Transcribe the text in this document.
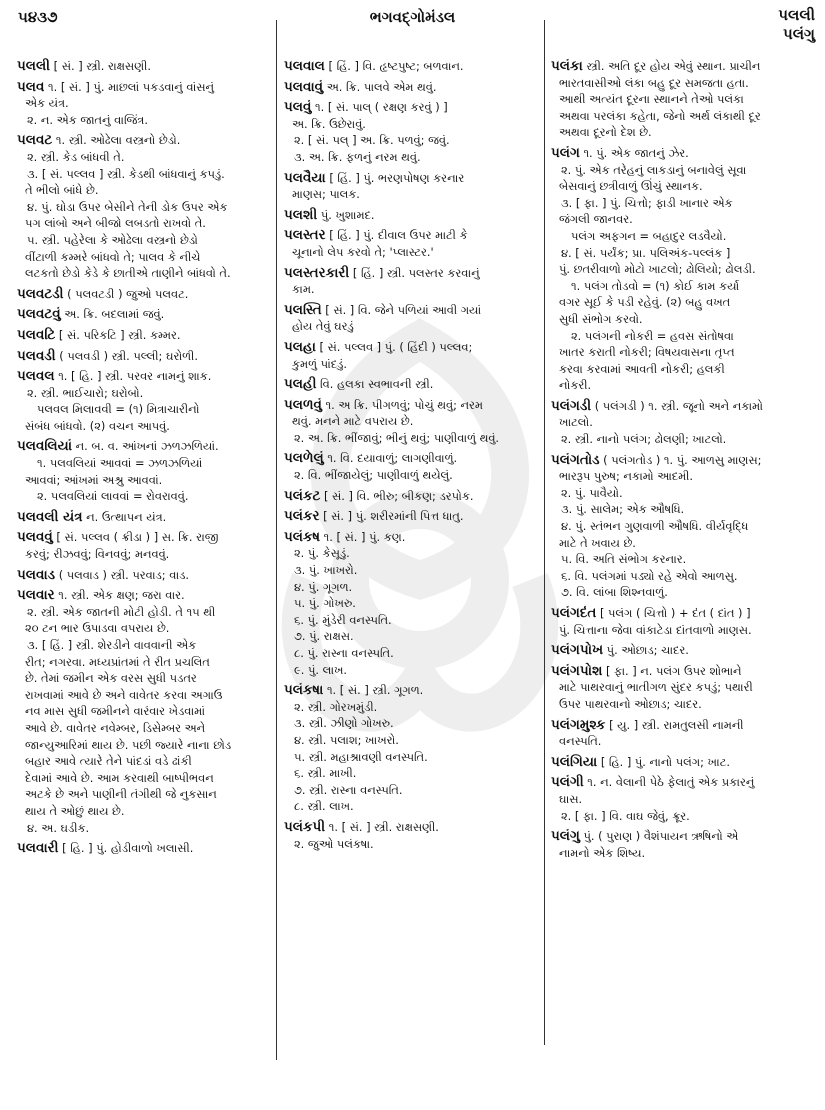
૫૪૩૭	ભગવદ્ગોમંડલ	પલલી
પલંગુ
પલલી [ સં. ] સ્ત્રી. રાક્ષસણી.
પલવ ૧. [ સં. ] પું. માછલાં પકડવાનું વાંસનું
એક યંત્ર.
૨. ન. એક જાતનું વાજિંત્ર.
પલવટ ૧. સ્ત્રી. ઓઢેલા વસ્ત્રનો છેડો.
૨. સ્ત્રી. કેડ બાંધવી તે.
૩. [ સં. પલ્લવ ] સ્ત્રી. કેડથી બાંધવાનું કપડું.
તે ભીલો બાંધે છે.
૪. પું. ઘોડા ઉપર બેસીને તેની ડોક ઉપર એક
પગ લાંબો અને બીજો લબડતો રાખવો તે.
૫. સ્ત્રી. પહેરેલા કે ઓઢેલા વસ્ત્રનો છેડો
વીંટાળી કમ્મરે બાંધવો તે; પાલવ કે નીચે
લટકતો છેડો કેડે કે છાતીએ તાણીને બાંધવો તે.
પલવટડી ( પલવટડી ) જુઓ પલવટ.
પલવટવું અ. ક્રિ. બદલામાં જવું.
પલવટિ [ સં. પરિકટિ ] સ્ત્રી. કમ્મર.
પલવડી ( પલવડી ) સ્ત્રી. પલ્લી; ઘરોળી.
પલવલ ૧. [ હિ. ] સ્ત્રી. પરવર નામનું શાક.
૨. સ્ત્રી. ભાઈચારો; ઘરોબો.
પલવલ મિલાવવી = (૧) મિત્રાચારીનો
સંબંધ બાંધવો. (૨) વચન આપવું.
પલવલિયાં ન. બ. વ. આંખનાં ઝળઝળિયાં.
૧. પલવલિયાં આવવાં = ઝળઝળિયાં
આવવાં; આંખમાં અશ્રુ આવવાં.
૨. પલવલિયાં લાવવાં = રોવરાવવું.
પલવલી યંત્ર ન. ઉત્થાપન યંત્ર.
પલવવું [ સં. પલ્લવ ( ક્રીડા ) ] સ. ક્રિ. રાજી
કરવું; રીઝવવું; વિનવવું; મનવવું.
પલવાડ ( પલવાડ ) સ્ત્રી. પરવાડ; વાડ.
પલવાર ૧. સ્ત્રી. એક ક્ષણ; જરા વાર.
૨. સ્ત્રી. એક જાતની મોટી હોડી. તે ૧૫ થી
૨૦ ટન ભાર ઉપાડવા વપરાય છે.
૩. [ હિં. ] સ્ત્રી. શેરડીને વાવવાની એક
રીત; નગરવા. મધ્યપ્રાંતમાં તે રીત પ્રચલિત
છે. તેમાં જમીન એક વરસ સુધી પડતર
રાખવામાં આવે છે અને વાવેતર કરવા અગાઉ
નવ માસ સુધી જમીનને વારંવાર ખેડવામાં
આવે છે. વાવેતર નવેમ્બર, ડિસેમ્બર અને
જાન્યુઆરિમાં થાય છે. પછી જ્યારે નાના છોડ
બહાર આવે ત્યારે તેને પાંદડાં વડે ઢાંકી
દેવામાં આવે છે. આમ કરવાથી બાષ્પીભવન
અટકે છે અને પાણીની તંગીથી જે નુકસાન
થાય તે ઓછું થાય છે.
૪. અ. ઘડીક.
પલવારી [ હિ. ] પું. હોડીવાળો ખલાસી.
પલવાલ [ હિં. ] વિ. હૃષ્ટપુષ્ટ; બળવાન.
પલવાવું અ. ક્રિ. પાલવે એમ થવું.
પલવું ૧. [ સં. પાલ્ ( રક્ષણ કરવું ) ]
અ. ક્રિ. ઉછેરાવું.
૨. [ સં. પલ્ ] અ. ક્રિ. પળવું; જવું.
૩. અ. ક્રિ. ફળનું નરમ થવું.
પલવૈયા [ હિં. ] પું. ભરણપોષણ કરનાર
માણસ; પાલક.
પલશી પું. ખુશામદ.
પલસ્તર [ હિં. ] પું. દીવાલ ઉપર માટી કે
ચૂનાનો લેપ કરવો તે; 'પ્લાસ્ટર.'
પલસ્તરકારી [ હિં. ] સ્ત્રી. પલસ્તર કરવાનું
કામ.
પલસ્તિ [ સં. ] વિ. જેને પળિયાં આવી ગયાં
હોય તેવું ઘરડું
પલહા [ સં. પલ્લવ ] પું. ( હિંદી ) પલ્લવ;
કુમળું પાંદડું.
પલહી વિ. હલકા સ્વભાવની સ્ત્રી.
પલળવું ૧. અ ક્રિ. પીગળવું; પોચું થવું; નરમ
થવું. મનને માટે વપરાય છે.
૨. અ. ક્રિ. ભીંજાવું; ભીનું થવું; પાણીવાળું થવું.
પલળેલું ૧. વિ. દયાવાળું; લાગણીવાળું.
૨. વિ. ભીંજાયેલું; પાણીવાળું થયેલું.
પલંકટ [ સં. ] વિ. ભીરુ; બીકણ; ડરપોક.
પલંકર [ સં. ] પું. શરીરમાંની પિત્ત ધાતુ.
પલંકષ ૧. [ સં. ] પું. કણ.
૨. પું. કેસૂડું.
૩. પું. ખાખરો.
૪. પું. ગૂગળ.
૫. પું. ગોખરુ.
૬. પું. મુંડેરી વનસ્પતિ.
૭. પું. રાક્ષસ.
૮. પું. રાસ્ના વનસ્પતિ.
૯. પું. લાખ.
પલંકષા ૧. [ સં. ] સ્ત્રી. ગૂગળ.
૨. સ્ત્રી. ગોરખમુંડી.
૩. સ્ત્રી. ઝીણો ગોખરુ.
૪. સ્ત્રી. પલાશ; ખાખરો.
૫. સ્ત્રી. મહાશ્રાવણી વનસ્પતિ.
૬. સ્ત્રી. માખી.
૭. સ્ત્રી. રાસ્ના વનસ્પતિ.
૮. સ્ત્રી. લાખ.
પલંકપી ૧. [ સં. ] સ્ત્રી. રાક્ષસણી.
૨. જુઓ પલંકષા.
પલંકા સ્ત્રી. અતિ દૂર હોય એવું સ્થાન. પ્રાચીન
ભારતવાસીઓ લંકા બહુ દૂર સમજતા હતા.
આથી અત્યંત દૂરના સ્થાનને તેઓ પલંકા
અથવા પરલંકા કહેતા, જેનો અર્થ લંકાથી દૂર
અથવા દૂરનો દેશ છે.
પલંગ ૧. પું. એક જાતનું ઝેર.
૨. પું. એક તરેહનું લાકડાનું બનાવેલું સૂવા
બેસવાનું છત્રીવાળું ઊંચું સ્થાનક.
૩. [ ફા. ] પું. ચિત્તો; ફાડી ખાનાર એક
જંગલી જાનવર.
પલંગ અફગન = બહાદુર લડવૈયો.
૪. [ સં. પર્યંક; પ્રા. પલિઅંક-પલ્લંક ]
પું. છતરીવાળો મોટો ખાટલો; ઢોલિયો; ઢોલડી.
૧. પલંગ તોડવો = (૧) કોઈ કામ કર્યા
વગર સૂઈ કે પડી રહેવું. (૨) બહુ વખત
સુધી સંભોગ કરવો.
૨. પલંગની નોકરી = હવસ સંતોષવા
ખાતર કરાતી નોકરી; વિષયવાસના તૃપ્ત
કરવા કરવામાં આવતી નોકરી; હલકી
નોકરી.
પલંગડી ( પલંગડી ) ૧. સ્ત્રી. જૂનો અને નકામો
ખાટલો.
૨. સ્ત્રી. નાનો પલંગ; ઢોલણી; ખાટલો.
પલંગતોડ ( પલંગતોડ ) ૧. પું. આળસુ માણસ;
ભારરૂપ પુરુષ; નકામો આદમી.
૨. પું. પાવૈયો.
૩. પું. સાલેમ; એક ઔષધિ.
૪. પું. સ્તંભન ગુણવાળી ઔષધિ. વીર્યવૃદ્ધિ
માટે તે ખવાય છે.
૫. વિ. અતિ સંભોગ કરનાર.
૬. વિ. પલંગમાં પડ્યો રહે એવો આળસુ.
૭. વિ. લાંબા શિશ્નવાળું.
પલંગદંત [ પલંગ ( ચિત્તો ) + દંત ( દાંત ) ]
પું. ચિત્તાના જેવા વાંકાટેડા દાંતવાળો માણસ.
પલંગપોખ પું. ઓછાડ; ચાદર.
પલંગપોશ [ ફા. ] ન. પલંગ ઉપર શોભાને
માટે પાથરવાનું ભાતીગળ સુંદર કપડું; પથારી
ઉપર પાથરવાનો ઓછાડ; ચાદર.
પલંગમુશ્ક [ યુ. ] સ્ત્રી. રામતુલસી નામની
વનસ્પતિ.
પલંગિયા [ હિ. ] પું. નાનો પલંગ; ખાટ.
પલંગી ૧. ન. વેલાની પેઠે ફેલાતું એક પ્રકારનું
ઘાસ.
૨. [ ફા. ] વિ. વાઘ જેવું, ક્રૂર.
પલંગુ પું. ( પુરાણ ) વૈશંપાયન ઋષિનો એ
નામનો એક શિષ્ય.
